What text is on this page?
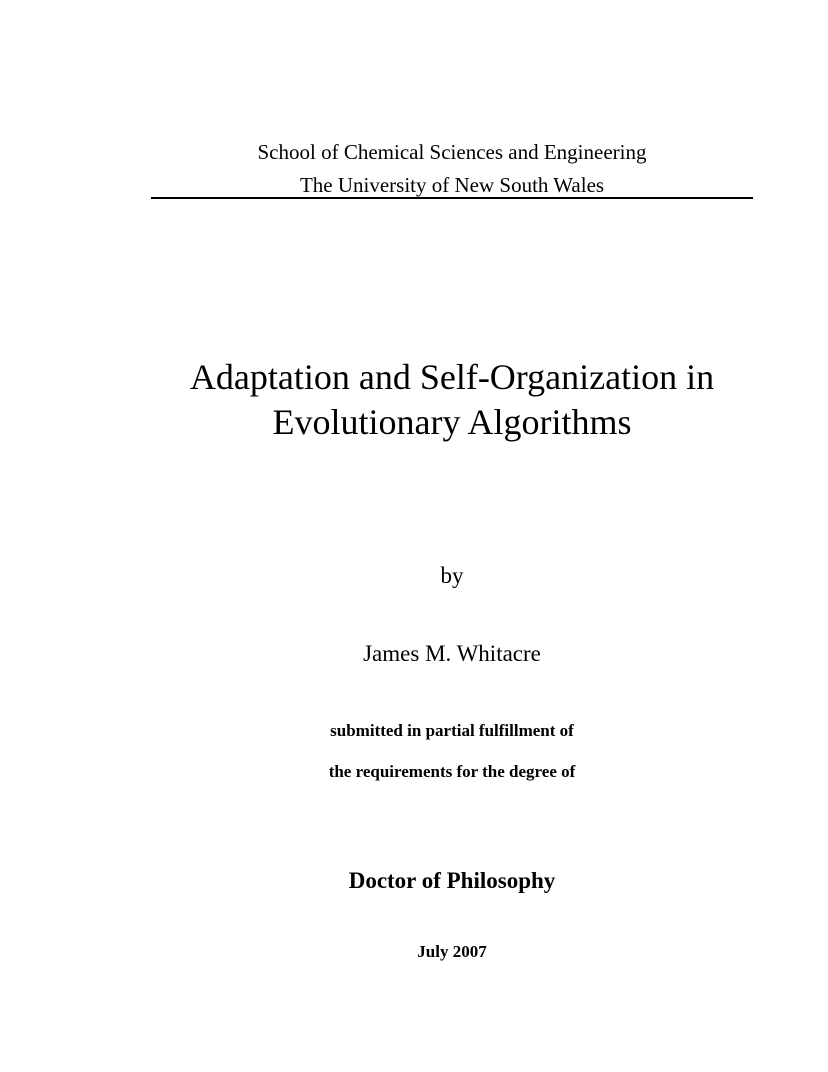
School of Chemical Sciences and Engineering
The University of New South Wales
Adaptation and Self-Organization in
Evolutionary Algorithms
by
James M. Whitacre
submitted in partial fulfillment of
the requirements for the degree of
Doctor of Philosophy
July 2007
